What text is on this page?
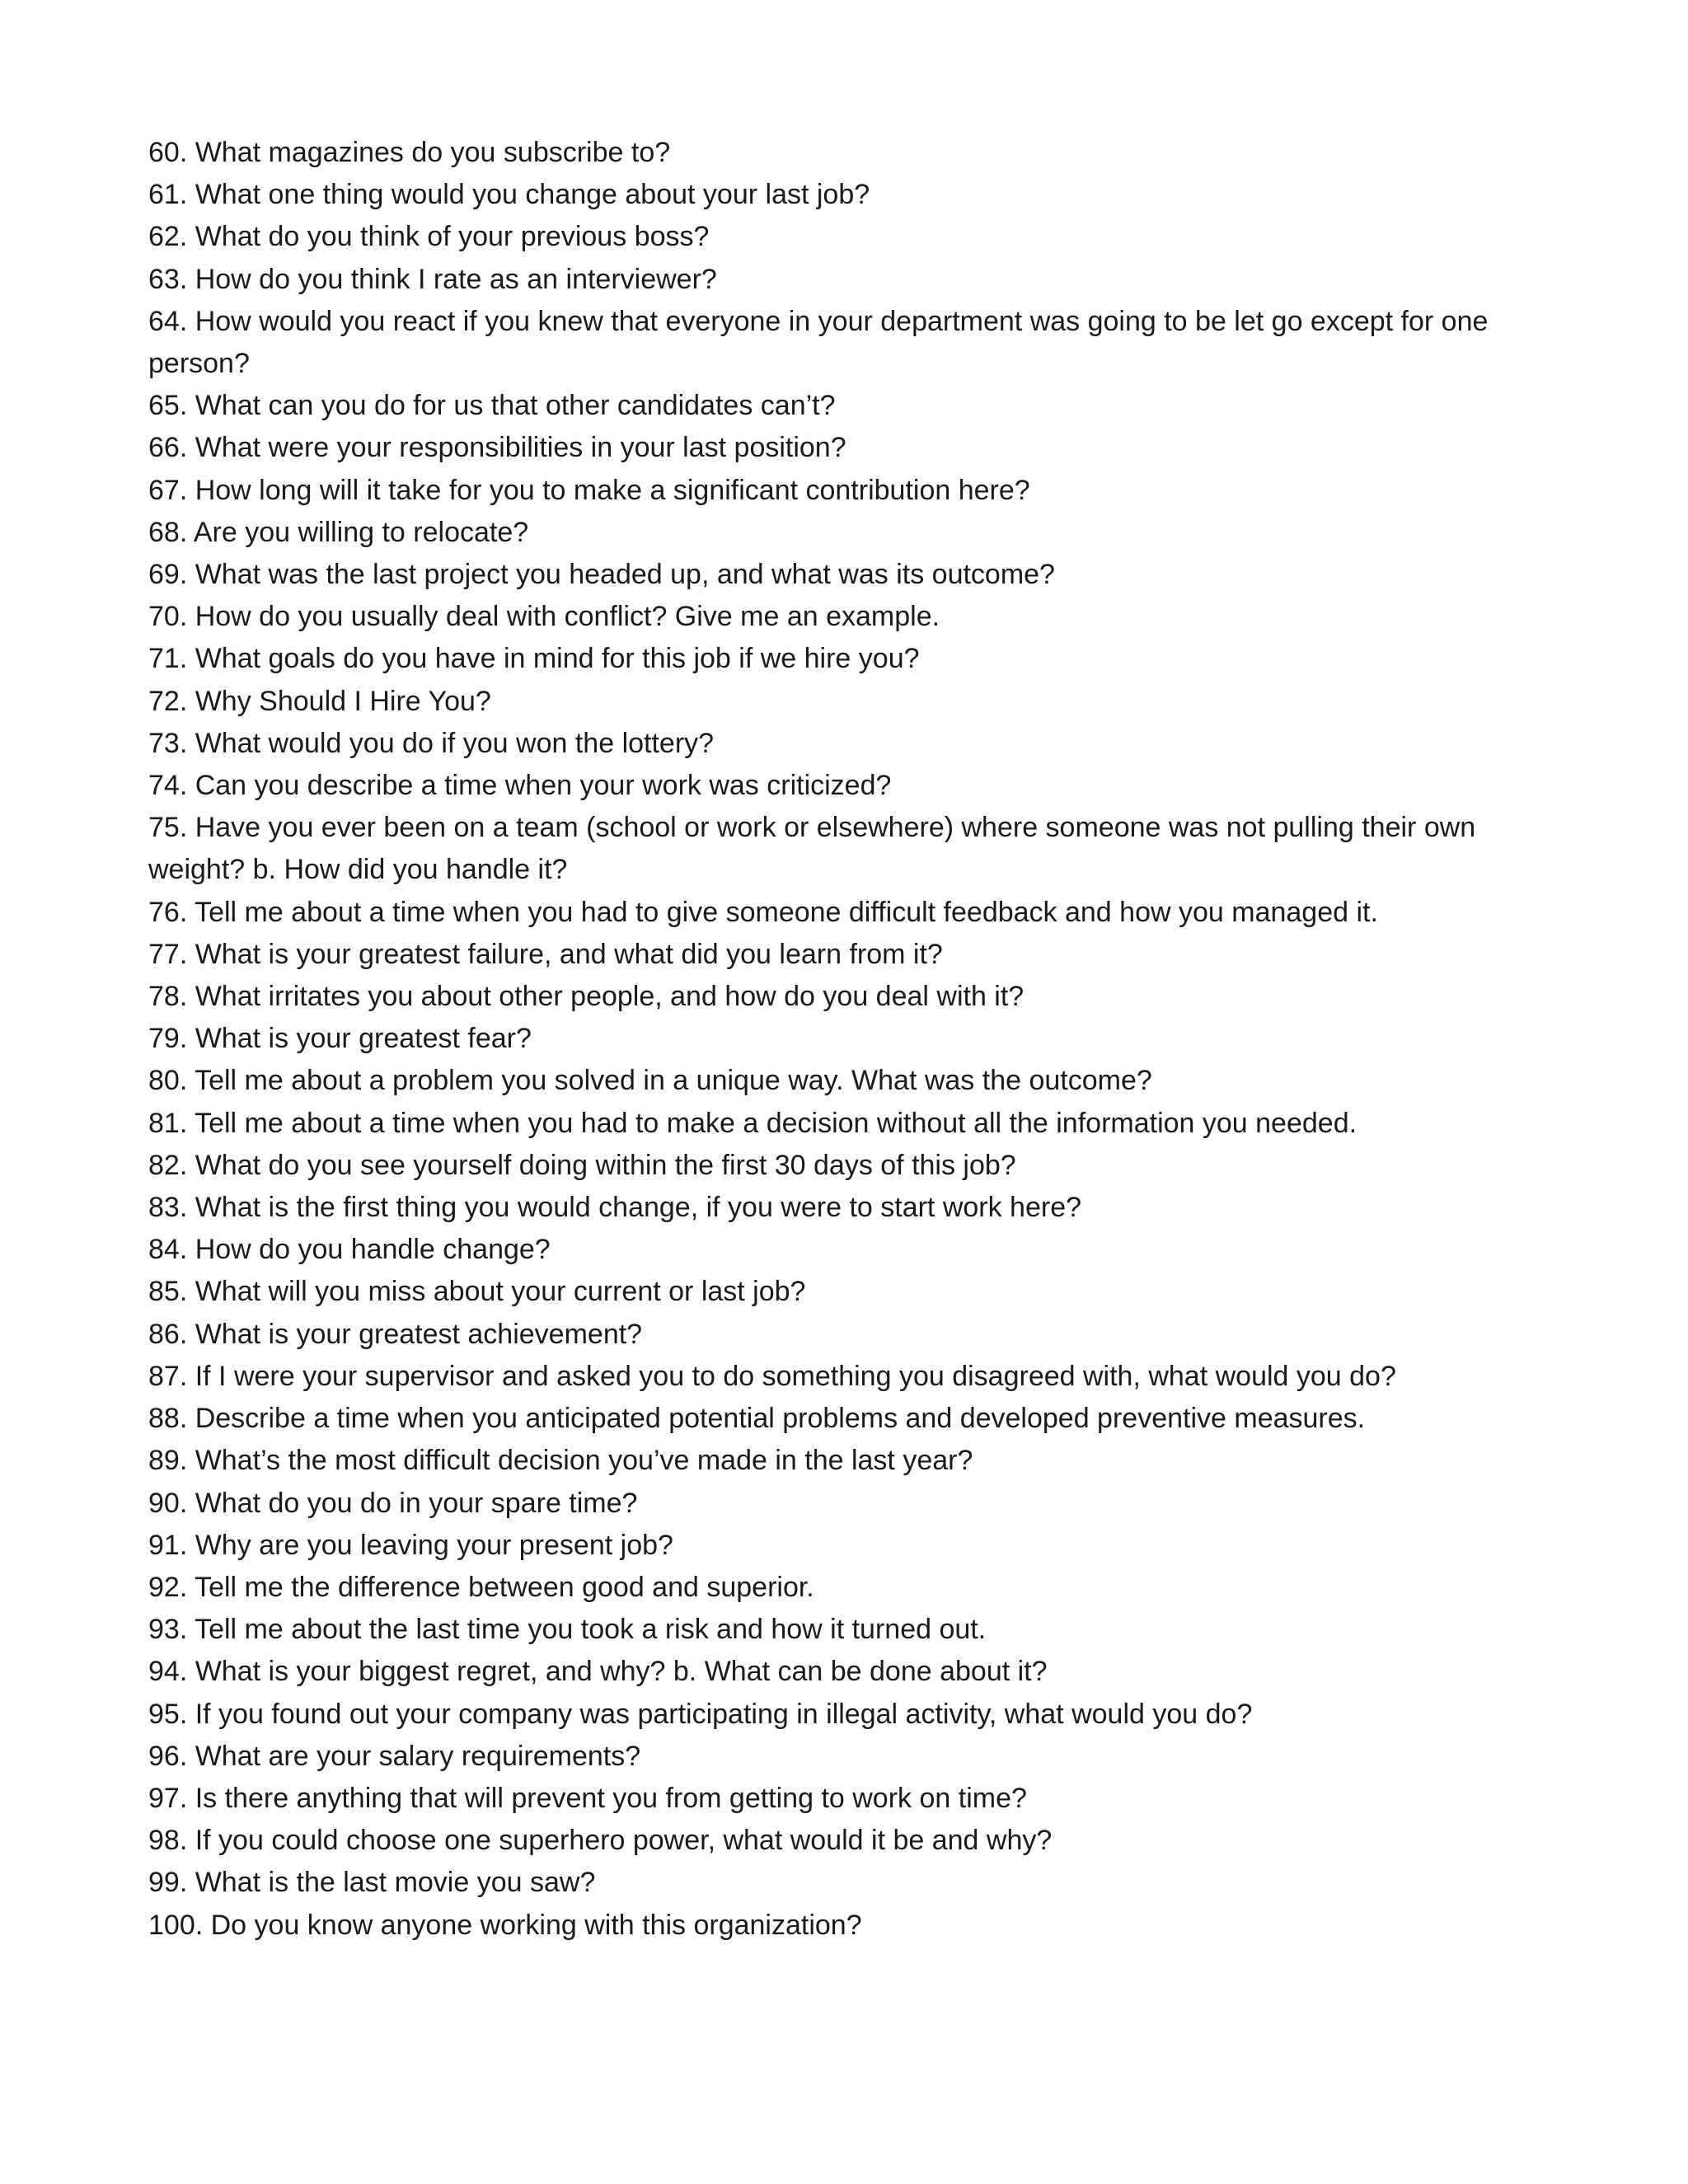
60. What magazines do you subscribe to?
61. What one thing would you change about your last job?
62. What do you think of your previous boss?
63. How do you think I rate as an interviewer?
64. How would you react if you knew that everyone in your department was going to be let go except for one person?
65. What can you do for us that other candidates can’t?
66. What were your responsibilities in your last position?
67. How long will it take for you to make a significant contribution here?
68. Are you willing to relocate?
69. What was the last project you headed up, and what was its outcome?
70. How do you usually deal with conflict? Give me an example.
71. What goals do you have in mind for this job if we hire you?
72. Why Should I Hire You?
73. What would you do if you won the lottery?
74. Can you describe a time when your work was criticized?
75. Have you ever been on a team (school or work or elsewhere) where someone was not pulling their own weight? b. How did you handle it?
76. Tell me about a time when you had to give someone difficult feedback and how you managed it.
77. What is your greatest failure, and what did you learn from it?
78. What irritates you about other people, and how do you deal with it?
79. What is your greatest fear?
80. Tell me about a problem you solved in a unique way. What was the outcome?
81. Tell me about a time when you had to make a decision without all the information you needed.
82. What do you see yourself doing within the first 30 days of this job?
83. What is the first thing you would change, if you were to start work here?
84. How do you handle change?
85. What will you miss about your current or last job?
86. What is your greatest achievement?
87. If I were your supervisor and asked you to do something you disagreed with, what would you do?
88. Describe a time when you anticipated potential problems and developed preventive measures.
89. What’s the most difficult decision you’ve made in the last year?
90. What do you do in your spare time?
91. Why are you leaving your present job?
92. Tell me the difference between good and superior.
93. Tell me about the last time you took a risk and how it turned out.
94. What is your biggest regret, and why? b. What can be done about it?
95. If you found out your company was participating in illegal activity, what would you do?
96. What are your salary requirements?
97. Is there anything that will prevent you from getting to work on time?
98. If you could choose one superhero power, what would it be and why?
99. What is the last movie you saw?
100. Do you know anyone working with this organization?
